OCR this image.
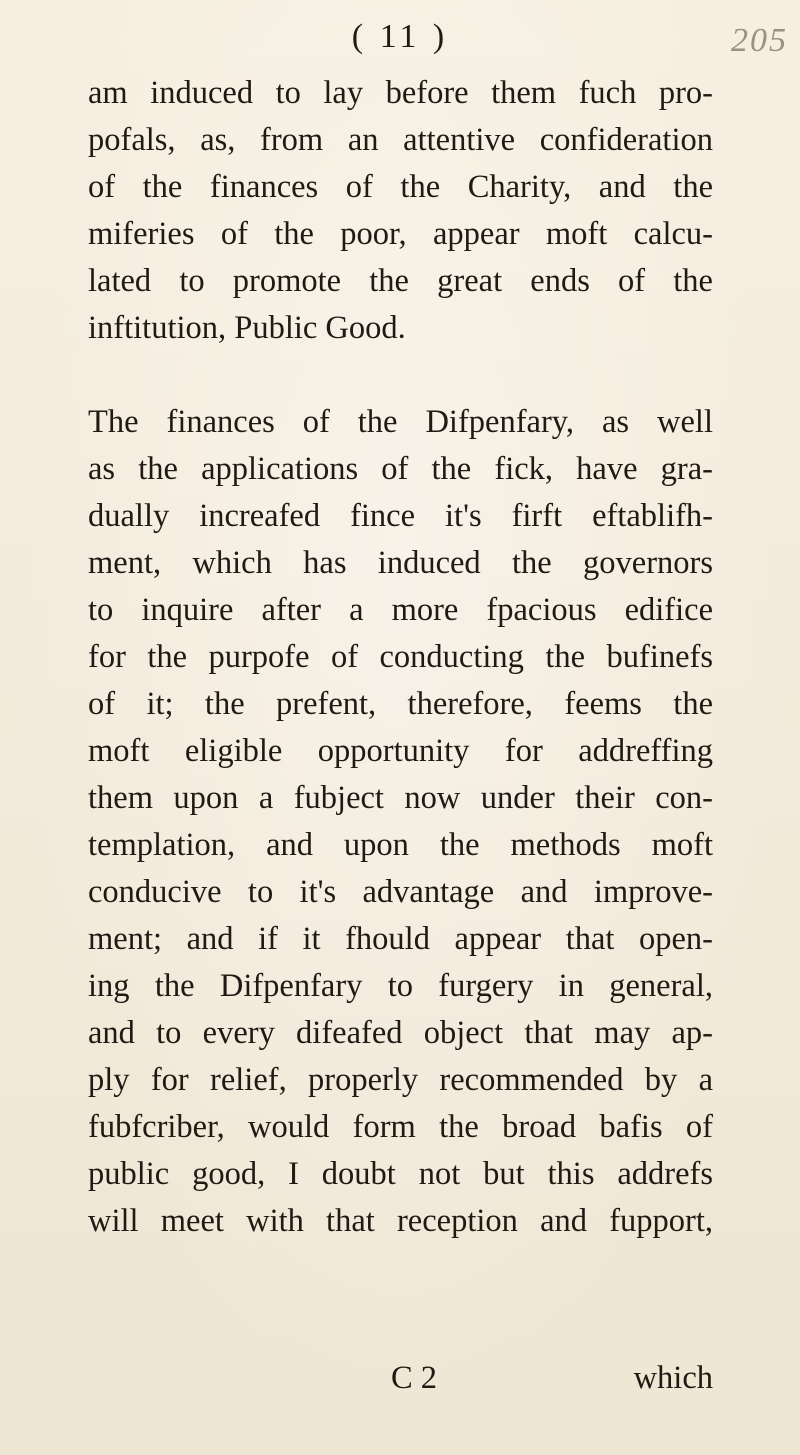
( 11 )	205
am induced to lay before them fuch pro-
pofals, as, from an attentive confideration
of the finances of the Charity, and the
miferies of the poor, appear moft calcu-
lated to promote the great ends of the
inftitution, Public Good.
The finances of the Difpenfary, as well
as the applications of the fick, have gra-
dually increafed fince it's firft eftablifh-
ment, which has induced the governors
to inquire after a more fpacious edifice
for the purpofe of conducting the bufinefs
of it; the prefent, therefore, feems the
moft eligible opportunity for addreffing
them upon a fubject now under their con-
templation, and upon the methods moft
conducive to it's advantage and improve-
ment; and if it fhould appear that open-
ing the Difpenfary to furgery in general,
and to every difeafed object that may ap-
ply for relief, properly recommended by a
fubfcriber, would form the broad bafis of
public good, I doubt not but this addrefs
will meet with that reception and fupport,
C 2	which
